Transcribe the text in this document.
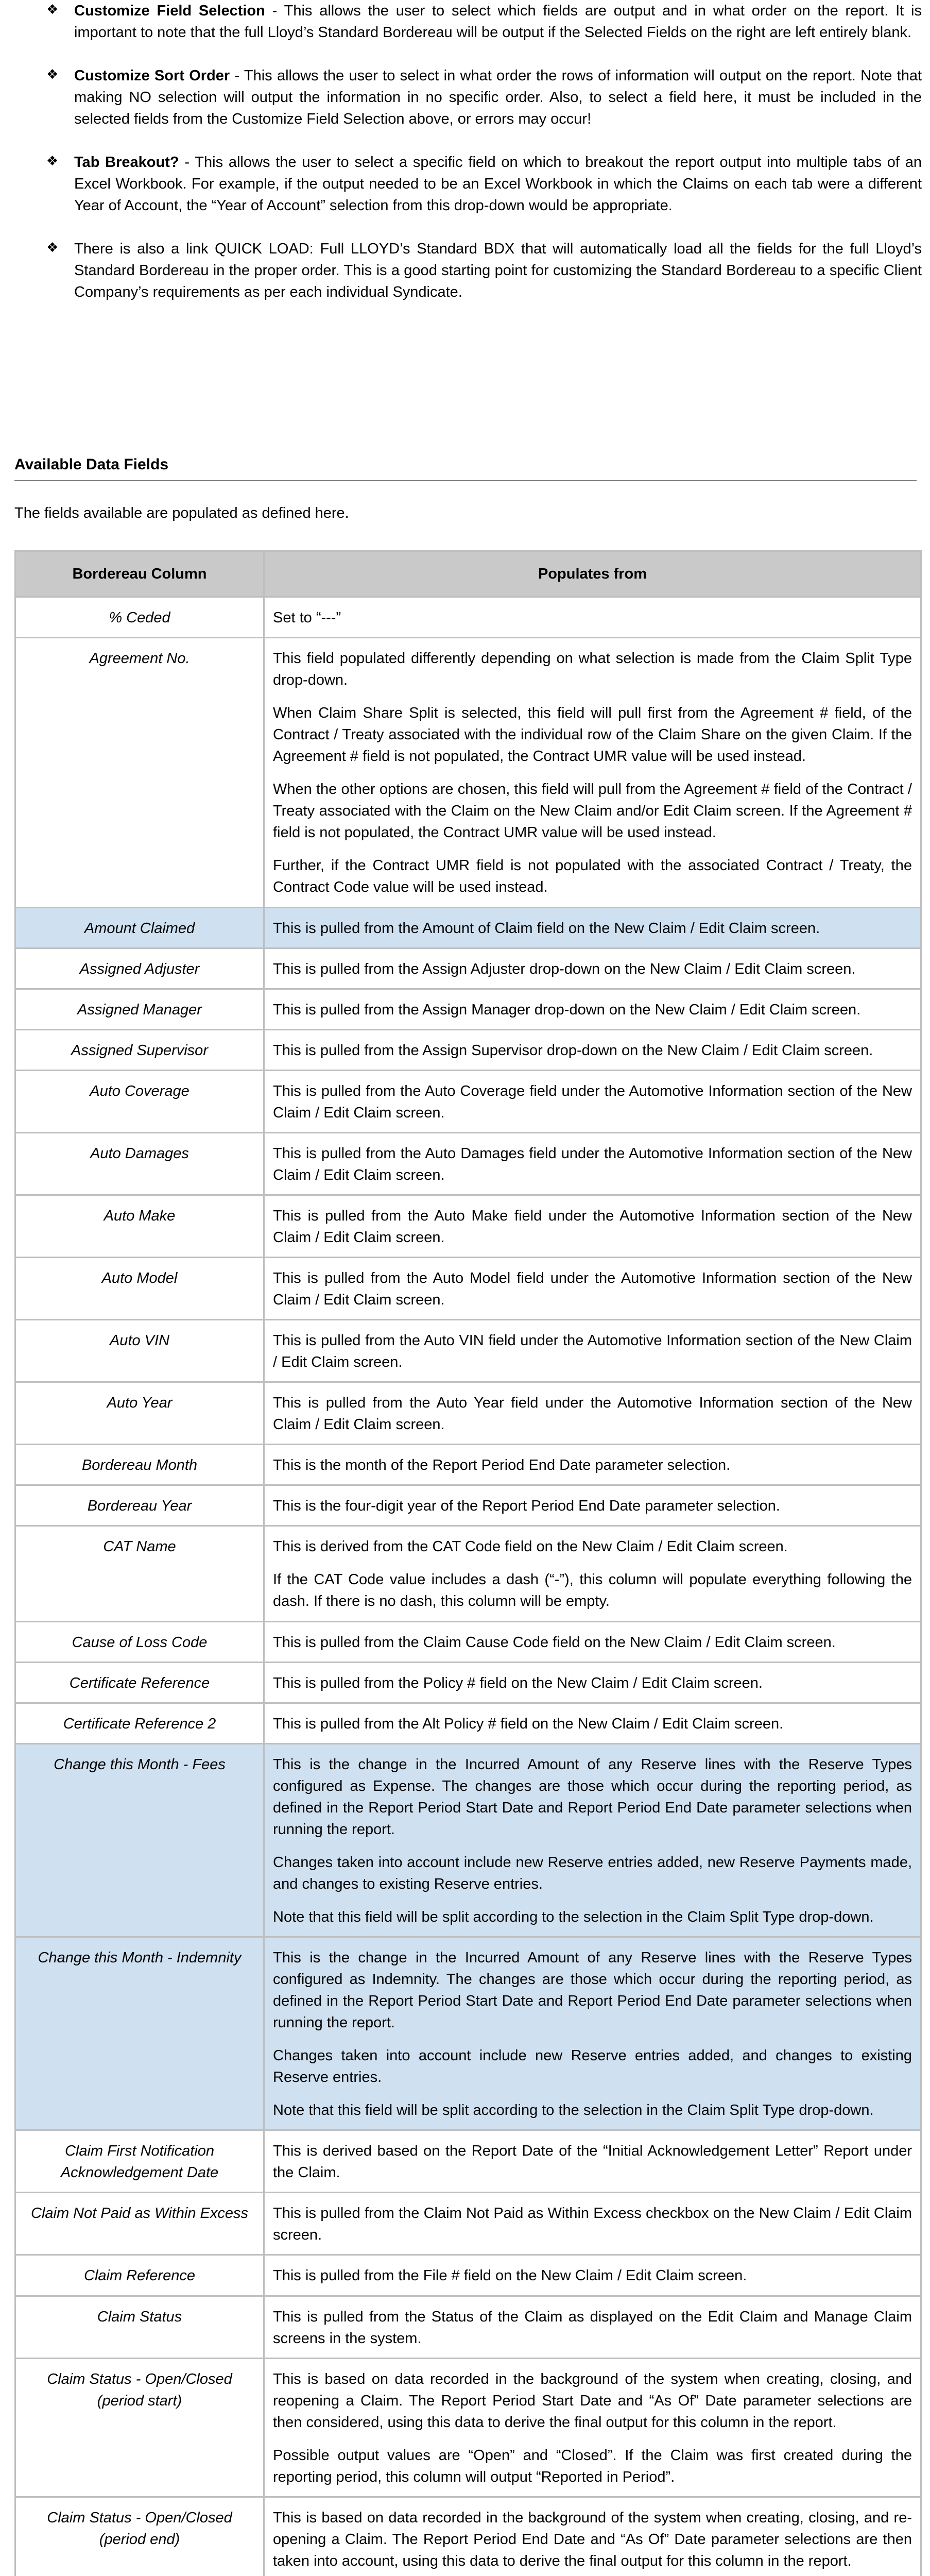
❖ Customize Field Selection - This allows the user to select which fields are output and in what order on the report. It is important to note that the full Lloyd’s Standard Bordereau will be output if the Selected Fields on the right are left entirely blank.
❖ Customize Sort Order - This allows the user to select in what order the rows of information will output on the report. Note that making NO selection will output the information in no specific order. Also, to select a field here, it must be included in the selected fields from the Customize Field Selection above, or errors may occur!
❖ Tab Breakout? - This allows the user to select a specific field on which to breakout the report output into multiple tabs of an Excel Workbook. For example, if the output needed to be an Excel Workbook in which the Claims on each tab were a different Year of Account, the “Year of Account” selection from this drop-down would be appropriate.
❖ There is also a link QUICK LOAD: Full LLOYD’s Standard BDX that will automatically load all the fields for the full Lloyd’s Standard Bordereau in the proper order. This is a good starting point for customizing the Standard Bordereau to a specific Client Company’s requirements as per each individual Syndicate.
Available Data Fields
The fields available are populated as defined here.
Bordereau Column	Populates from
% Ceded	Set to “---”

Agreement No.	This field populated differently depending on what selection is made from the Claim Split Type drop-down.

When Claim Share Split is selected, this field will pull first from the Agreement # field, of the Contract / Treaty associated with the individual row of the Claim Share on the given Claim. If the Agreement # field is not populated, the Contract UMR value will be used instead.

When the other options are chosen, this field will pull from the Agreement # field of the Contract / Treaty associated with the Claim on the New Claim and/or Edit Claim screen. If the Agreement # field is not populated, the Contract UMR value will be used instead.

Further, if the Contract UMR field is not populated with the associated Contract / Treaty, the Contract Code value will be used instead.

Amount Claimed	This is pulled from the Amount of Claim field on the New Claim / Edit Claim screen.

Assigned Adjuster	This is pulled from the Assign Adjuster drop-down on the New Claim / Edit Claim screen.

Assigned Manager	This is pulled from the Assign Manager drop-down on the New Claim / Edit Claim screen.

Assigned Supervisor	This is pulled from the Assign Supervisor drop-down on the New Claim / Edit Claim screen.

Auto Coverage	This is pulled from the Auto Coverage field under the Automotive Information section of the New Claim / Edit Claim screen.

Auto Damages	This is pulled from the Auto Damages field under the Automotive Information section of the New Claim / Edit Claim screen.

Auto Make	This is pulled from the Auto Make field under the Automotive Information section of the New Claim / Edit Claim screen.

Auto Model	This is pulled from the Auto Model field under the Automotive Information section of the New Claim / Edit Claim screen.

Auto VIN	This is pulled from the Auto VIN field under the Automotive Information section of the New Claim / Edit Claim screen.

Auto Year	This is pulled from the Auto Year field under the Automotive Information section of the New Claim / Edit Claim screen.

Bordereau Month	This is the month of the Report Period End Date parameter selection.

Bordereau Year	This is the four-digit year of the Report Period End Date parameter selection.

CAT Name	This is derived from the CAT Code field on the New Claim / Edit Claim screen.

If the CAT Code value includes a dash (“-”), this column will populate everything following the dash. If there is no dash, this column will be empty.

Cause of Loss Code	This is pulled from the Claim Cause Code field on the New Claim / Edit Claim screen.

Certificate Reference	This is pulled from the Policy # field on the New Claim / Edit Claim screen.

Certificate Reference 2	This is pulled from the Alt Policy # field on the New Claim / Edit Claim screen.

Change this Month - Fees	This is the change in the Incurred Amount of any Reserve lines with the Reserve Types configured as Expense. The changes are those which occur during the reporting period, as defined in the Report Period Start Date and Report Period End Date parameter selections when running the report.

Changes taken into account include new Reserve entries added, new Reserve Payments made, and changes to existing Reserve entries.

Note that this field will be split according to the selection in the Claim Split Type drop-down.

Change this Month - Indemnity	This is the change in the Incurred Amount of any Reserve lines with the Reserve Types configured as Indemnity. The changes are those which occur during the reporting period, as defined in the Report Period Start Date and Report Period End Date parameter selections when running the report.

Changes taken into account include new Reserve entries added, and changes to existing Reserve entries.

Note that this field will be split according to the selection in the Claim Split Type drop-down.

Claim First Notification Acknowledgement Date	This is derived based on the Report Date of the “Initial Acknowledgement Letter” Report under the Claim.

Claim Not Paid as Within Excess	This is pulled from the Claim Not Paid as Within Excess checkbox on the New Claim / Edit Claim screen.

Claim Reference	This is pulled from the File # field on the New Claim / Edit Claim screen.

Claim Status	This is pulled from the Status of the Claim as displayed on the Edit Claim and Manage Claim screens in the system.

Claim Status - Open/Closed (period start)	This is based on data recorded in the background of the system when creating, closing, and reopening a Claim. The Report Period Start Date and “As Of” Date parameter selections are then considered, using this data to derive the final output for this column in the report.

Possible output values are “Open” and “Closed”. If the Claim was first created during the reporting period, this column will output “Reported in Period”.

Claim Status - Open/Closed (period end)	This is based on data recorded in the background of the system when creating, closing, and re-opening a Claim. The Report Period End Date and “As Of” Date parameter selections are then taken into account, using this data to derive the final output for this column in the report.
